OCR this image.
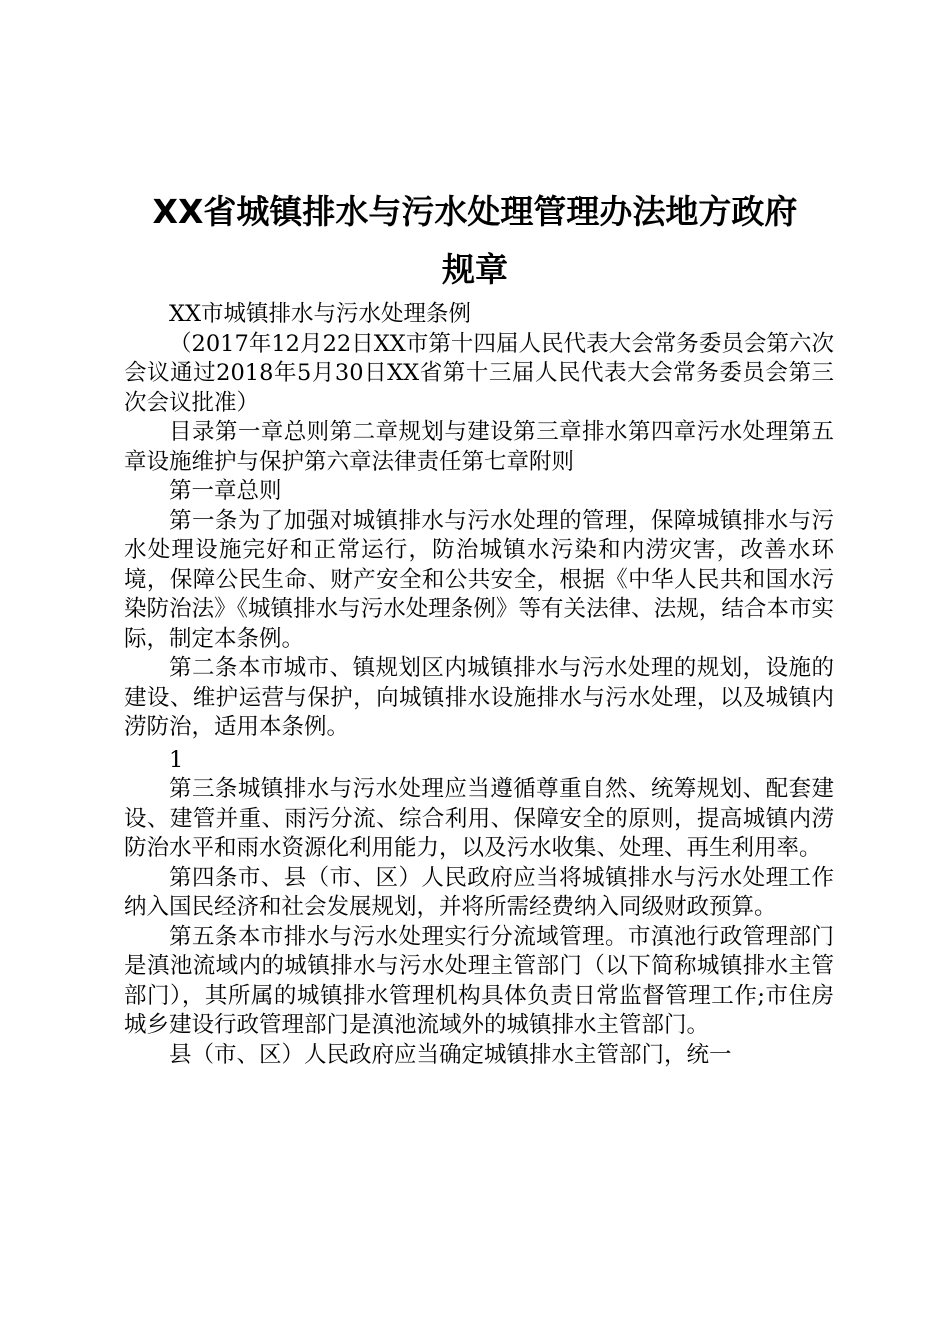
XX省城镇排水与污水处理管理办法地方政府
规章

XX市城镇排水与污水处理条例

（2017年12月22日XX市第十四届人民代表大会常务委员会第六次会议通过2018年5月30日XX省第十三届人民代表大会常务委员会第三次会议批准）

目录第一章总则第二章规划与建设第三章排水第四章污水处理第五章设施维护与保护第六章法律责任第七章附则

第一章总则

第一条为了加强对城镇排水与污水处理的管理，保障城镇排水与污水处理设施完好和正常运行，防治城镇水污染和内涝灾害，改善水环境，保障公民生命、财产安全和公共安全，根据《中华人民共和国水污染防治法》《城镇排水与污水处理条例》等有关法律、法规，结合本市实际，制定本条例。

第二条本市城市、镇规划区内城镇排水与污水处理的规划，设施的建设、维护运营与保护，向城镇排水设施排水与污水处理，以及城镇内涝防治，适用本条例。

1

第三条城镇排水与污水处理应当遵循尊重自然、统筹规划、配套建设、建管并重、雨污分流、综合利用、保障安全的原则，提高城镇内涝防治水平和雨水资源化利用能力，以及污水收集、处理、再生利用率。

第四条市、县（市、区）人民政府应当将城镇排水与污水处理工作纳入国民经济和社会发展规划，并将所需经费纳入同级财政预算。

第五条本市排水与污水处理实行分流域管理。市滇池行政管理部门是滇池流域内的城镇排水与污水处理主管部门（以下简称城镇排水主管部门），其所属的城镇排水管理机构具体负责日常监督管理工作;市住房城乡建设行政管理部门是滇池流域外的城镇排水主管部门。

县（市、区）人民政府应当确定城镇排水主管部门，统一
